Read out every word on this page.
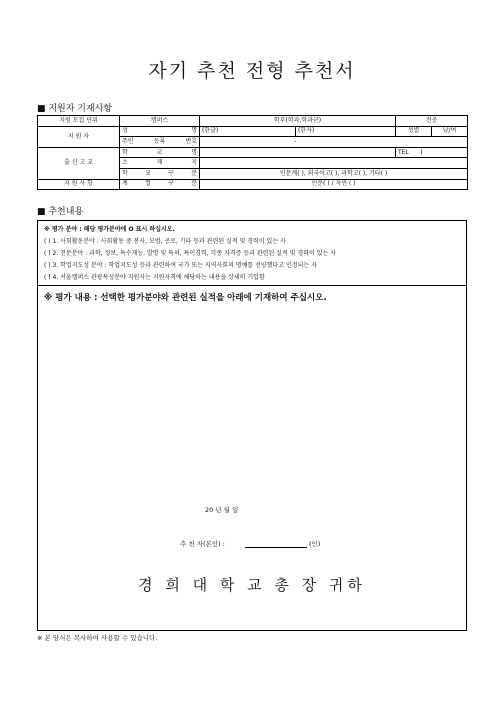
자기 추천 전형 추천서
■ 지원자 기재사항
지원 모집 단위	캠퍼스	학부(학과,학과군)		전공	
지 원 자	성 명	(한글)	(한자)	성별	남/여
	주민 등록 번호	-			
출 신 고 교	학 교 명			TEL )	
	소 재 지				
	학 교 구 분	인문계( ), 외국어고( ), 과학고( ), 기타( )			
지 원 사 항	계 열 구 분	인문( ) / 자연 ( )			
■ 추천내용
※ 평가 분야 : 해당 평가분야에 O 표시 하십시오.
( ) 1. 사회활동분야 : 사회활동 중 봉사, 모범, 공로, 기타 등과 관련된 실적 및 경력이 있는 자
( ) 2. 전문분야 : 과학, 정보, 특수재능, 발명 및 특허, 특이경력, 각종 자격증 등과 관련된 실적 및 경력이 있는 자
( ) 3. 학업지도성 분야 : 학업지도성 등과 관련하여 국가 또는 지역사회의 명예를 선양했다고 인정되는 자
( ) 4. 서울캠퍼스 관광특성분야 지원자는 지원자격에 해당하는 내용을 상세히 기입함
※ 평가 내용 : 선택한 평가분야와 관련된 실적을 아래에 기재하여 주십시오.
20 년 월 일
추 천 자(본인) :	(인)
경 희 대 학 교 총 장 귀하
※ 본 양식은 복사하여 사용할 수 있습니다.
